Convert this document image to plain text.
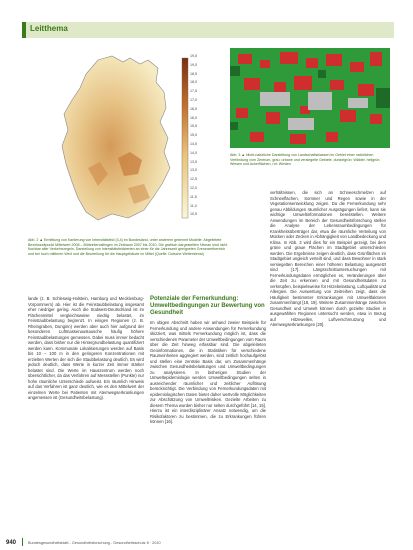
Leitthema
19,5
19,0
18,5
18,0
17,5
17,0
16,5
16,0
15,5
15,0
14,5
14,0
13,5
13,0
12,5
12,0
11,5
11,0
10,5
Abb. 2 ▲ Ermittlung von Kartierung von Intensitätsfeld (3,4) im Bundesland, unter anderem gebenmt Modelle: Abgeleitete Bezirkszeitpunkt Mittelwert 2008 – Blüteintervallingen im Zeitraum 2007 bis 2010. Die grafisch dargestellten Niveau sind nicht fluchbar aller Verkehrsregeln. Darstellung von Intensitätsfeldwerten an einer für die Jahreszeit geeigneten Grenzwertbereich und bei hoch mittleren Wert und die Beurteilung für die Hauptgebäude im Mittel (Quelle: Dutsche Wetterdienst)
Abb. 3 ▲ Nicht-natürliche Darstellung von Landschaftsklassen im Gebiet einer natürlichen Verbindung vom Zentrum, grau: urbane und versiegelte Gebiete, dunkelgrün: Wälder, hellgrün: Wiesen und Ackerflächen, rot: Weiden

lande (z. B. Schleswig-Holstein, Hamburg und Mecklenburg-Vorpommern) ab. Hier ist die Feinstaubbelastung insgesamt eher niedriger gering. Auch die Südwest-Deutschland ist im Flächenmittel vergleichsweise niedrig belastet, im Feinstaubbelastung begrenzt. In einigen Regionen (z. B. Rheingraben, Dunginn) werden aber auch hier aufgrund der besonderen Luftmassenaustausche häufig höhere Feinstaubbelastungen gemessen. Dabei muss immer bedacht werden, dass bisher nur die Hintergrundbelastung quantifiziert werden kann. Kommunale Lokalisierungen werden auf Basis bis 10 – 100 m in den geringeren Konzentrationen mit erzielten Werten der sich die Staubbelastung deutlich. Es wird jedoch deutlich, dass Werte in kurzer Zeit immer stärker belastet sind. Die Werte im Hauszentrum werden noch übersichtlicher, da das Verfahren auf Messstellen (Punkte) nur hohe räumliche Unterschiede aufweist. Ein räumlich Hinweis auf das Verfahren ist ganz deutlich, wie es den Mittelwert der einzelnen Werte bei Patienten mit Atemwegserkrankungen angemessen ist (Gesundheitsbelastung).

Potenziale der Fernerkundung: Umweltbedingungen zur Bewertung von Gesundheit

Im obigen Abschnitt haben wir anhand zweier Beispiele für Fernerkundung und andere Anwendungen für Fernerkundung skizziert, was mittels Fernerkundung möglich ist, dass die verschiedenen Parameter der Umweltbedingungen vom Raum über die Zeit hinweg erfassbar sind. Die abgeleiteten Geoinformationen, die in Statistiken für verschiedene Raumeinheiten aggregiert werden, sind zeitlich hochaufgelöst und stellen eine zentrale Basis dar, um Zusammenhänge zwischen Gesundheitsbelastungen und Umweltbedingungen zu analysieren. In bisherigen Studien der Umweltepidemiologie werden Umweltbedingungen selten in ausreichender räumlicher und zeitlicher Auflösung berücksichtigt. Die Verbindung von Fernerkundungsdaten mit epidemiologischen Daten bietet daher wertvolle Möglichkeiten zur Abschätzung von Umweltrisiken. Gezielte Arbeiten zu diesem Thema wurden bisher nur selten durchgeführt [14, 15]. Hierzu ist ein interdisziplinärer Ansatz notwendig, um die Risikofaktoren zu bestimmen, die zu Erkrankungen führen können [16].

verhältnissen, die sich an Schneeschmelzen auf Schneeflächen, Sommer und Regen sowie in der Vegetationsentwicklung zeigen. Da die Fernerkundung sehr genau Abbildungen räumlicher Ausprägungen liefert, kann sie wichtige Umweltinformationen bereitstellen. Weitere Anwendungen im Bereich der Gesundheitsforschung stellen die Analyse der Lebensraumbedingungen für Krankheitsüberträger dar, etwa die räumliche Verteilung von Mücken oder Zecken in Abhängigkeit von Landbedeckung und Klima. In Abb. 3 wird dies für ein Beispiel gezeigt, bei dem grüne und graue Flächen im Stadtgebiet unterschieden werden. Die Ergebnisse zeigen deutlich, dass Grünflächen im Stadtgebiet ungleich verteilt sind, und dass Bewohner in stark versiegelten Bereichen einer höheren Belastung ausgesetzt sind [17]. Längsschnittuntersuchungen mit Fernerkundungsdaten ermöglichen es, Veränderungen über die Zeit zu erkennen und mit Gesundheitsdaten zu verknüpfen, beispielsweise für Hitzebelastung, Luftqualität und Allergien. Die Auswertung von Zeitreihen zeigt, dass die Häufigkeit bestimmter Erkrankungen mit Umweltfaktoren zusammenhängt [18, 19]. Weitere Zusammenhänge zwischen Gesundheit und Umwelt können durch gezielte Studien in ausgewählten Regionen untersucht werden, etwa in Bezug auf Hitzewellen, Luftverschmutzung und Atemwegserkrankungen [20].

940	Bundesgesundheitsblatt - Gesundheitsforschung - Gesundheitsschutz 8 · 2010
